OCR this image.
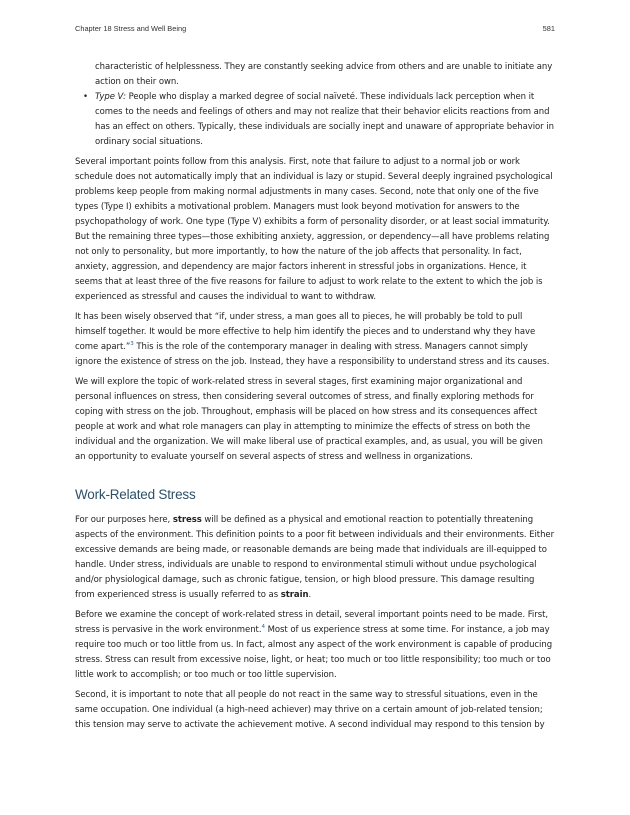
Chapter 18 Stress and Well Being	581

characteristic of helplessness. They are constantly seeking advice from others and are unable to initiate any action on their own.

• Type V: People who display a marked degree of social naïveté. These individuals lack perception when it comes to the needs and feelings of others and may not realize that their behavior elicits reactions from and has an effect on others. Typically, these individuals are socially inept and unaware of appropriate behavior in ordinary social situations.

Several important points follow from this analysis. First, note that failure to adjust to a normal job or work schedule does not automatically imply that an individual is lazy or stupid. Several deeply ingrained psychological problems keep people from making normal adjustments in many cases. Second, note that only one of the five types (Type I) exhibits a motivational problem. Managers must look beyond motivation for answers to the psychopathology of work. One type (Type V) exhibits a form of personality disorder, or at least social immaturity. But the remaining three types—those exhibiting anxiety, aggression, or dependency—all have problems relating not only to personality, but more importantly, to how the nature of the job affects that personality. In fact, anxiety, aggression, and dependency are major factors inherent in stressful jobs in organizations. Hence, it seems that at least three of the five reasons for failure to adjust to work relate to the extent to which the job is experienced as stressful and causes the individual to want to withdraw.

It has been wisely observed that “if, under stress, a man goes all to pieces, he will probably be told to pull himself together. It would be more effective to help him identify the pieces and to understand why they have come apart.”$^3$ This is the role of the contemporary manager in dealing with stress. Managers cannot simply ignore the existence of stress on the job. Instead, they have a responsibility to understand stress and its causes.

We will explore the topic of work-related stress in several stages, first examining major organizational and personal influences on stress, then considering several outcomes of stress, and finally exploring methods for coping with stress on the job. Throughout, emphasis will be placed on how stress and its consequences affect people at work and what role managers can play in attempting to minimize the effects of stress on both the individual and the organization. We will make liberal use of practical examples, and, as usual, you will be given an opportunity to evaluate yourself on several aspects of stress and wellness in organizations.

Work-Related Stress

For our purposes here, stress will be defined as a physical and emotional reaction to potentially threatening aspects of the environment. This definition points to a poor fit between individuals and their environments. Either excessive demands are being made, or reasonable demands are being made that individuals are ill-equipped to handle. Under stress, individuals are unable to respond to environmental stimuli without undue psychological and/or physiological damage, such as chronic fatigue, tension, or high blood pressure. This damage resulting from experienced stress is usually referred to as strain.

Before we examine the concept of work-related stress in detail, several important points need to be made. First, stress is pervasive in the work environment.$^4$ Most of us experience stress at some time. For instance, a job may require too much or too little from us. In fact, almost any aspect of the work environment is capable of producing stress. Stress can result from excessive noise, light, or heat; too much or too little responsibility; too much or too little work to accomplish; or too much or too little supervision.

Second, it is important to note that all people do not react in the same way to stressful situations, even in the same occupation. One individual (a high-need achiever) may thrive on a certain amount of job-related tension; this tension may serve to activate the achievement motive. A second individual may respond to this tension by
